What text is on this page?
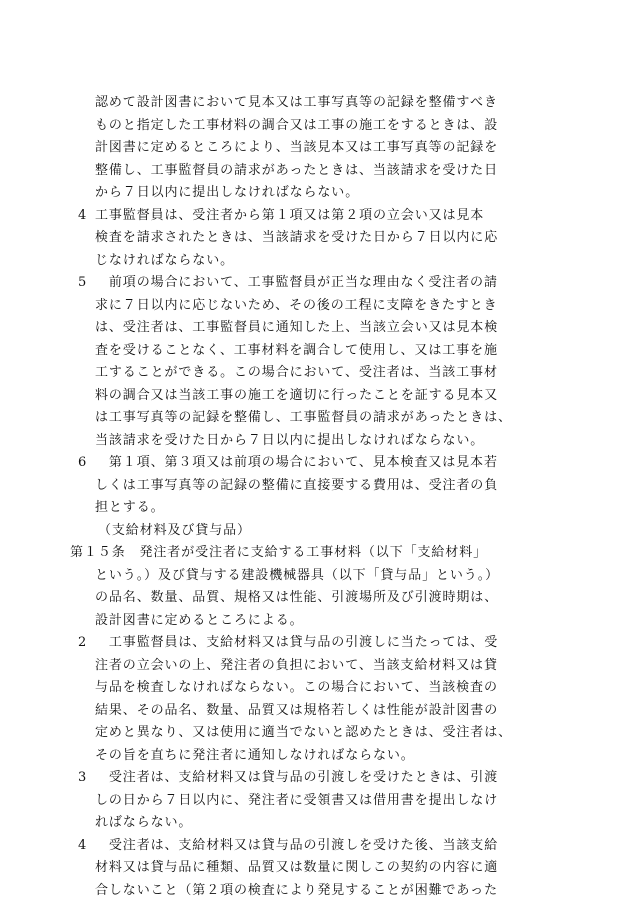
認めて設計図書において見本又は工事写真等の記録を整備すべき
ものと指定した工事材料の調合又は工事の施工をするときは、設
計図書に定めるところにより、当該見本又は工事写真等の記録を
整備し、工事監督員の請求があったときは、当該請求を受けた日
から７日以内に提出しなければならない。
4 工事監督員は、受注者から第１項又は第２項の立会い又は見本
検査を請求されたときは、当該請求を受けた日から７日以内に応
じなければならない。
5　前項の場合において、工事監督員が正当な理由なく受注者の請
求に７日以内に応じないため、その後の工程に支障をきたすとき
は、受注者は、工事監督員に通知した上、当該立会い又は見本検
査を受けることなく、工事材料を調合して使用し、又は工事を施
工することができる。この場合において、受注者は、当該工事材
料の調合又は当該工事の施工を適切に行ったことを証する見本又
は工事写真等の記録を整備し、工事監督員の請求があったときは、
当該請求を受けた日から７日以内に提出しなければならない。
6　第１項、第３項又は前項の場合において、見本検査又は見本若
しくは工事写真等の記録の整備に直接要する費用は、受注者の負
担とする。
（支給材料及び貸与品）
第１５条　発注者が受注者に支給する工事材料（以下「支給材料」
という。）及び貸与する建設機械器具（以下「貸与品」という。）
の品名、数量、品質、規格又は性能、引渡場所及び引渡時期は、
設計図書に定めるところによる。
2　工事監督員は、支給材料又は貸与品の引渡しに当たっては、受
注者の立会いの上、発注者の負担において、当該支給材料又は貸
与品を検査しなければならない。この場合において、当該検査の
結果、その品名、数量、品質又は規格若しくは性能が設計図書の
定めと異なり、又は使用に適当でないと認めたときは、受注者は、
その旨を直ちに発注者に通知しなければならない。
3　受注者は、支給材料又は貸与品の引渡しを受けたときは、引渡
しの日から７日以内に、発注者に受領書又は借用書を提出しなけ
ればならない。
4　受注者は、支給材料又は貸与品の引渡しを受けた後、当該支給
材料又は貸与品に種類、品質又は数量に関しこの契約の内容に適
合しないこと（第２項の検査により発見することが困難であった
